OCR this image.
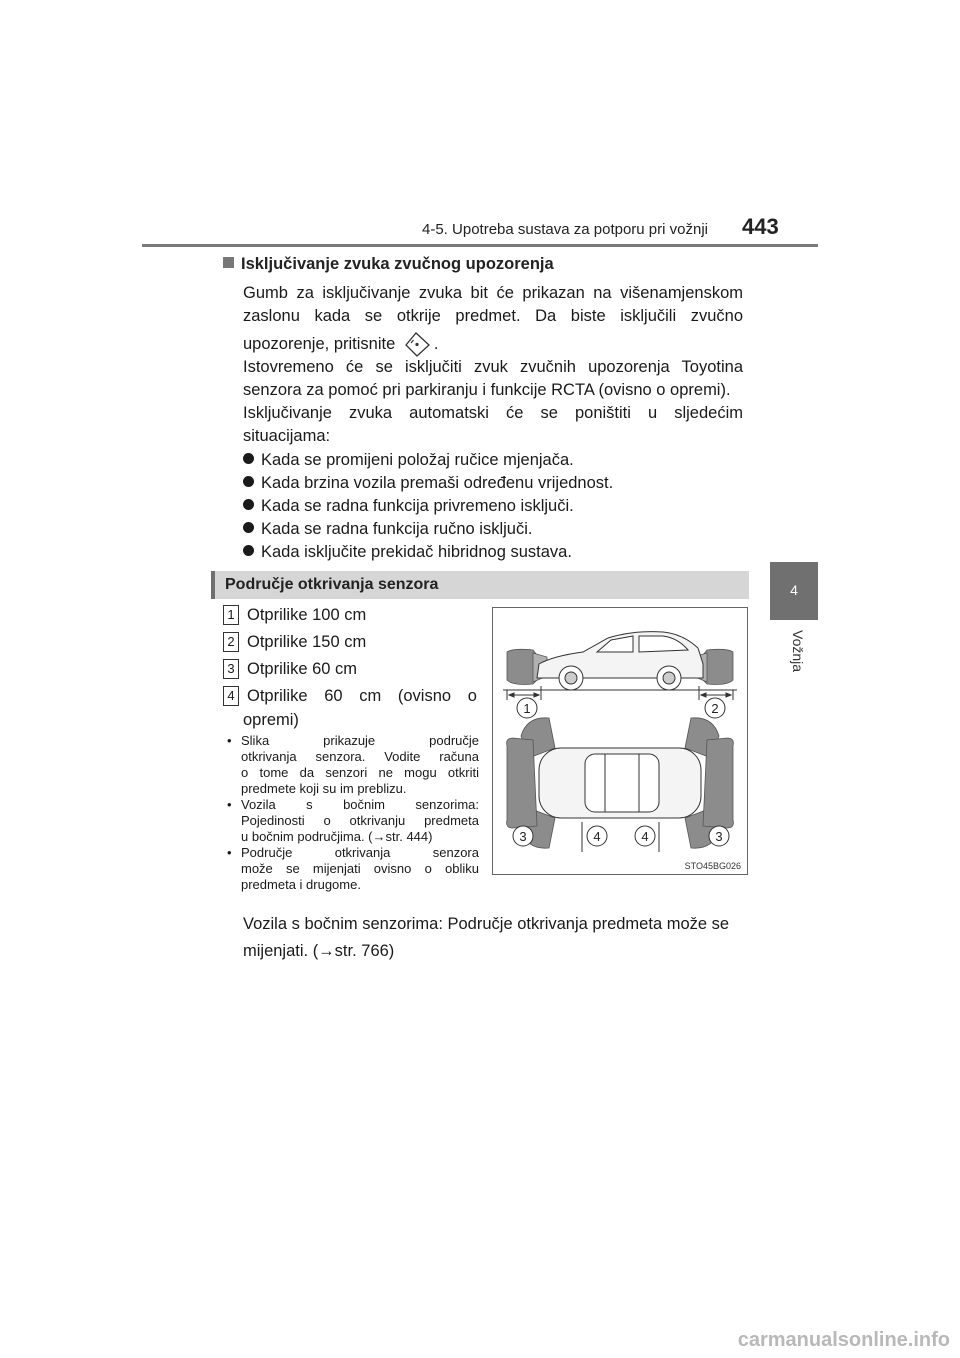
4-5. Upotreba sustava za potporu pri vožnji 443
4
Vožnja
Isključivanje zvuka zvučnog upozorenja
Gumb za isključivanje zvuka bit će prikazan na višenamjenskom
zaslonu kada se otkrije predmet. Da biste isključili zvučno
upozorenje, pritisnite .
Istovremeno će se isključiti zvuk zvučnih upozorenja Toyotina
senzora za pomoć pri parkiranju i funkcije RCTA (ovisno o opremi).
Isključivanje zvuka automatski će se poništiti u sljedećim
situacijama:
Kada se promijeni položaj ručice mjenjača.
Kada brzina vozila premaši određenu vrijednost.
Kada se radna funkcija privremeno isključi.
Kada se radna funkcija ručno isključi.
Kada isključite prekidač hibridnog sustava.
Područje otkrivanja senzora
1 Otprilike 100 cm
2 Otprilike 150 cm
3 Otprilike 60 cm
4 Otprilike 60 cm (ovisno o
opremi)
• Slika prikazuje područje
otkrivanja senzora. Vodite računa
o tome da senzori ne mogu otkriti
predmete koji su im preblizu.
• Vozila s bočnim senzorima:
Pojedinosti o otkrivanju predmeta
u bočnim područjima. (→str. 444)
• Područje otkrivanja senzora
može se mijenjati ovisno o obliku
predmeta i drugome.
1	2
3	4	4	3
STO45BG026
Vozila s bočnim senzorima: Područje otkrivanja predmeta može se
mijenjati. (→str. 766)
carmanualsonline.info
